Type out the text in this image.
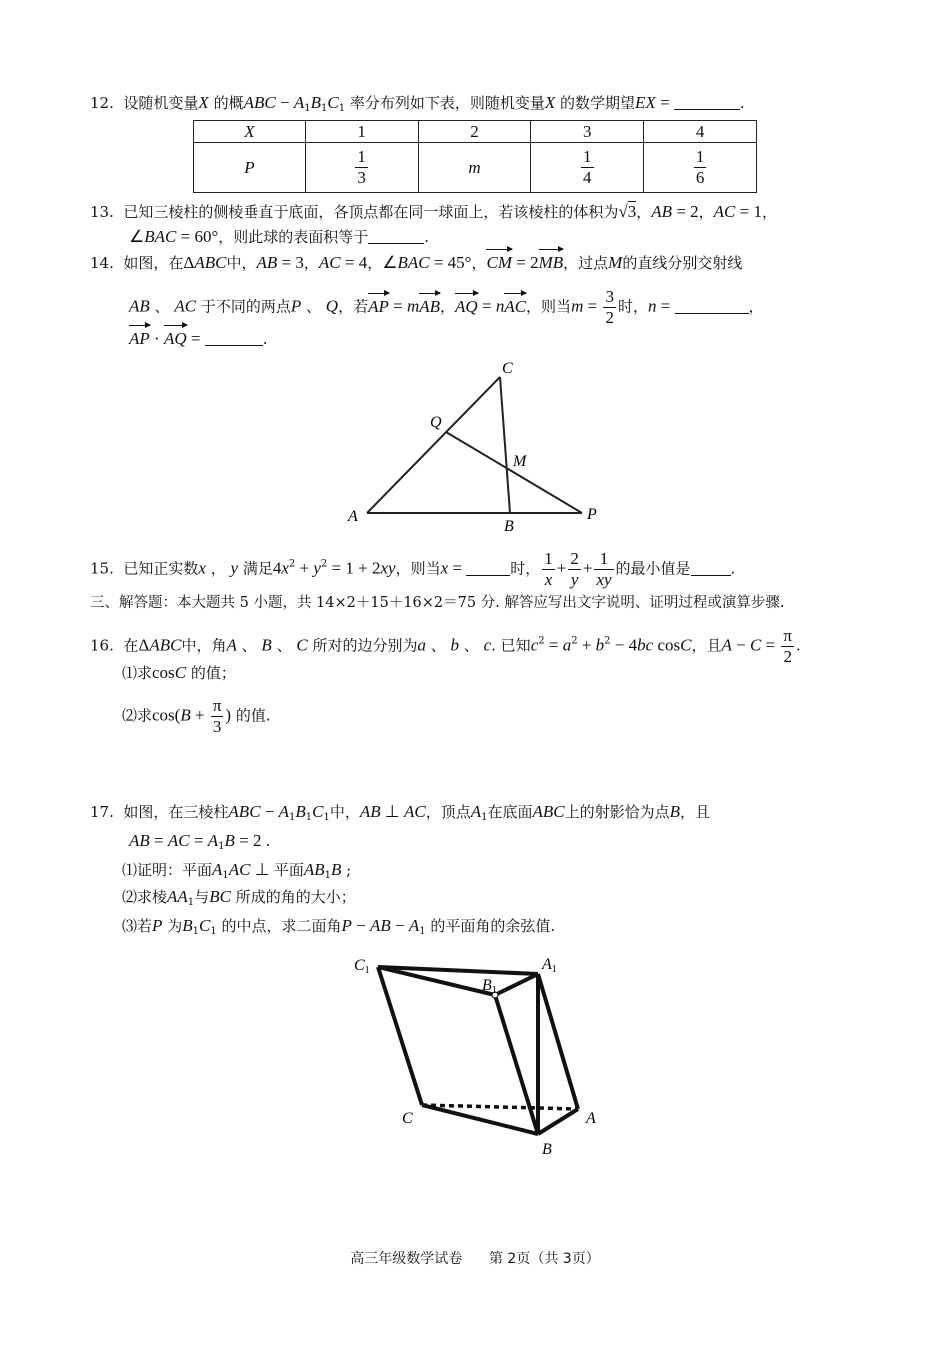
12. 设随机变量X 的概ABC − $A_1B_1C_1$ 率分布列如下表，则随机变量X 的数学期望EX =	.
X	1	2	3	4
P	$\frac{1}{3}$	m	$\frac{1}{4}$	$\frac{1}{6}$
13. 已知三棱柱的侧棱垂直于底面，各顶点都在同一球面上，若该棱柱的体积为√3，AB = 2，AC = 1，
∠BAC = 60°，则此球的表面积等于	.
14. 如图，在ΔABC中，AB = 3，AC = 4，∠BAC = 45°，CM = 2MB，过点M的直线分别交射线
AB 、 AC 于不同的两点P 、 Q，若AP = mAB，AQ = nAC，则当$m = \frac{3}{2}$ 时，n =	，
AP · AQ =	.
A
B
C
P
Q
M
15. 已知正实数x ， y 满足$4x^2 + y^2 = 1 + 2xy$，则当x =	时， $\frac{1}{x} + \frac{2}{y} + \frac{1}{xy}$ 的最小值是	.
三、解答题：本大题共 5 小题，共 14×2＋15＋16×2＝75 分. 解答应写出文字说明、证明过程或演算步骤.
16. 在ΔABC中，角A 、 B 、 C 所对的边分别为a 、 b 、 c. 已知$c^2 = a^2 + b^2 - 4bc$ cosC，且$A - C = \frac{\pi}{2}$ .
⑴求cosC 的值；
⑵求$\cos(B + \frac{\pi}{3}$ ) 的值.
17. 如图，在三棱柱ABC − $A_1B_1C_1$中，AB ⊥ AC，顶点$A_1$在底面ABC上的射影恰为点B，且
AB = AC = $A_1B = 2$ .
⑴证明：平面$A_1AC$ ⊥ 平面$AB_1B$ ;
⑵求棱$AA_1$与BC 所成的角的大小；
⑶若P 为$B_1C_1$ 的中点，求二面角P − AB − $A_1$ 的平面角的余弦值.
C1	A1
B1
C	A
B
高三年级数学试卷 第 2页（共 3页）
